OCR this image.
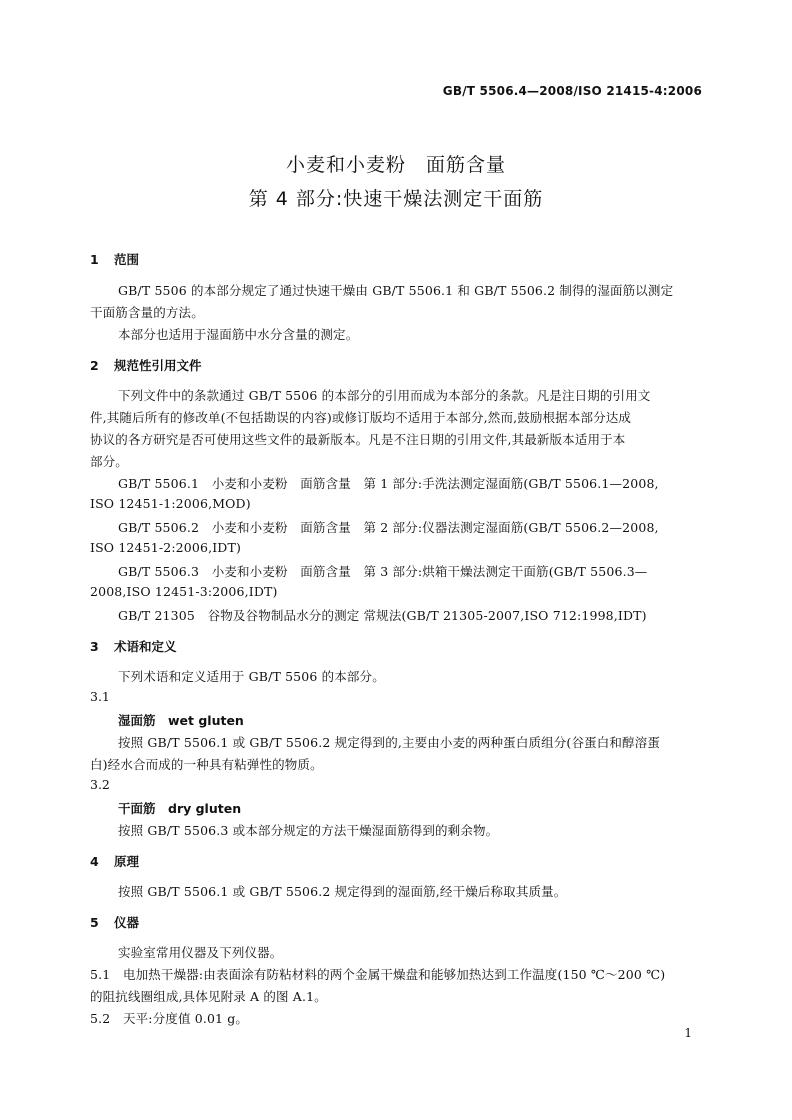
GB/T 5506.4—2008/ISO 21415-4:2006
小麦和小麦粉　面筋含量
第 4 部分:快速干燥法测定干面筋
1 范围
GB/T 5506 的本部分规定了通过快速干燥由 GB/T 5506.1 和 GB/T 5506.2 制得的湿面筋以测定
干面筋含量的方法。
本部分也适用于湿面筋中水分含量的测定。
2 规范性引用文件
下列文件中的条款通过 GB/T 5506 的本部分的引用而成为本部分的条款。凡是注日期的引用文
件,其随后所有的修改单(不包括勘误的内容)或修订版均不适用于本部分,然而,鼓励根据本部分达成
协议的各方研究是否可使用这些文件的最新版本。凡是不注日期的引用文件,其最新版本适用于本
部分。
GB/T 5506.1　小麦和小麦粉　面筋含量　第 1 部分:手洗法测定湿面筋(GB/T 5506.1—2008,
ISO 12451-1:2006,MOD)
GB/T 5506.2　小麦和小麦粉　面筋含量　第 2 部分:仪器法测定湿面筋(GB/T 5506.2—2008,
ISO 12451-2:2006,IDT)
GB/T 5506.3　小麦和小麦粉　面筋含量　第 3 部分:烘箱干燥法测定干面筋(GB/T 5506.3—
2008,ISO 12451-3:2006,IDT)
GB/T 21305　谷物及谷物制品水分的测定 常规法(GB/T 21305-2007,ISO 712:1998,IDT)
3 术语和定义
下列术语和定义适用于 GB/T 5506 的本部分。
3.1
湿面筋　wet gluten
按照 GB/T 5506.1 或 GB/T 5506.2 规定得到的,主要由小麦的两种蛋白质组分(谷蛋白和醇溶蛋
白)经水合而成的一种具有粘弹性的物质。
3.2
干面筋　dry gluten
按照 GB/T 5506.3 或本部分规定的方法干燥湿面筋得到的剩余物。
4 原理
按照 GB/T 5506.1 或 GB/T 5506.2 规定得到的湿面筋,经干燥后称取其质量。
5 仪器
实验室常用仪器及下列仪器。
5.1　电加热干燥器:由表面涂有防粘材料的两个金属干燥盘和能够加热达到工作温度(150 ℃～200 ℃)
的阻抗线圈组成,具体见附录 A 的图 A.1。
5.2　天平:分度值 0.01 g。
1
